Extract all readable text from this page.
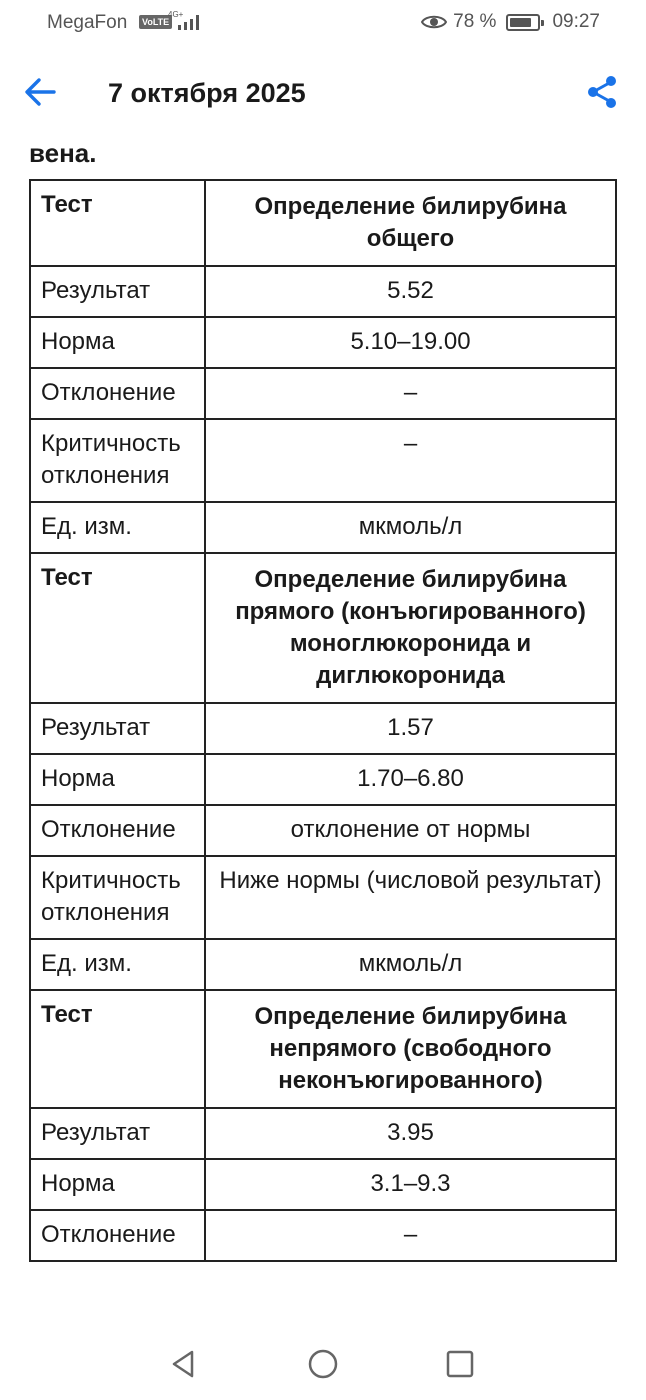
MegaFon	VoLTE
4G+	78 %	09:27
7 октября 2025
вена.
Тест	Определение билирубина общего
Результат	5.52
Норма	5.10–19.00
Отклонение	–
Критичность отклонения	–
Ед. изм.	мкмоль/л
Тест	Определение билирубина прямого (конъюгированного) моноглюкоронида и диглюкоронида
Результат	1.57
Норма	1.70–6.80
Отклонение	отклонение от нормы
Критичность отклонения	Ниже нормы (числовой результат)
Ед. изм.	мкмоль/л
Тест	Определение билирубина непрямого (свободного неконъюгированного)
Результат	3.95
Норма	3.1–9.3
Отклонение	–
